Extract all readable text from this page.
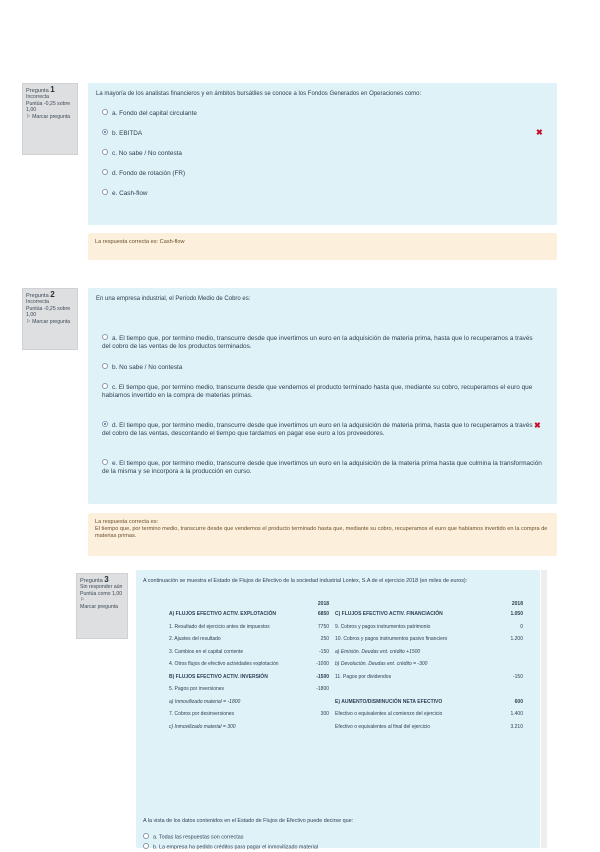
Pregunta 1
Incorrecta
Puntúa -0,25 sobre 1,00
⚐ Marcar pregunta
La mayoría de los analistas financieros y en ámbitos bursátiles se conoce a los Fondos Generados en Operaciones como:
a. Fondo del capital circulante
b. EBITDA	✖
c. No sabe / No contesta
d. Fondo de rotación (FR)
e. Cash-flow
La respuesta correcta es: Cash-flow
Pregunta 2
Incorrecta
Puntúa -0,25 sobre 1,00
⚐ Marcar pregunta
En una empresa industrial, el Período Medio de Cobro es:
a. El tiempo que, por termino medio, transcurre desde que invertimos un euro en la adquisición de materia prima, hasta que lo recuperamos a través del cobro de las ventas de los productos terminados.
b. No sabe / No contesta
c. El tiempo que, por termino medio, transcurre desde que vendemos el producto terminado hasta que, mediante su cobro, recuperamos el euro que habíamos invertido en la compra de materias primas.
d. El tiempo que, por termino medio, transcurre desde que invertimos un euro en la adquisición de materia prima, hasta que lo recuperamos a través del cobro de las ventas, descontando el tiempo que tardamos en pagar ese euro a los proveedores.
✖
e. El tiempo que, por termino medio, transcurre desde que invertimos un euro en la adquisición de la materia prima hasta que culmina la transformación de la misma y se incorpora a la producción en curso.
La respuesta correcta es:
El tiempo que, por termino medio, transcurre desde que vendemos el producto terminado hasta que, mediante su cobro, recuperamos el euro que habíamos invertido en la compra de materias primas.
Pregunta 3
Sin responder aún
Puntúa como 1,00
⚐ Marcar pregunta
A continuación se muestra el Estado de Flujos de Efectivo de la sociedad industrial Lontex, S.A de el ejercicio 2018 (en miles de euros):
	2018		2018
A) FLUJOS EFECTIVO ACTIV. EXPLOTACIÓN	6850	C) FLUJOS EFECTIVO ACTIV. FINANCIACIÓN	1.050
1. Resultado del ejercicio antes de impuestos	7750	9. Cobros y pagos instrumentos patrimonio	0
2. Ajustes del resultado	250	10. Cobros y pagos instrumentos pasivo financiero	1.200
3. Cambios en el capital corriente	-150	a) Emisión. Deudas ent. crédito +1500	
4. Otros flujos de efectivo actividades explotación	-1000	b) Devolución. Deudas ent. crédito = -300	
B) FLUJOS EFECTIVO ACTIV. INVERSIÓN	-1500	11. Pagos por dividendos	-150
5. Pagos por inversiones	-1800		
a) Inmovilizado material = -1800		E) AUMENTO/DISMINUCIÓN NETA EFECTIVO	600
7. Cobros por desinversiones	300	Efectivo o equivalentes al comienzo del ejercicio	1.400
c) Inmovilizado material = 300		Efectivo o equivalentes al final del ejercicio	3.210
A la vista de los datos contenidos en el Estado de Flujos de Efectivo puede decirse que:
a. Todas las respuestas son correctas
b. La empresa ha pedido créditos para pagar el inmovilizado material
